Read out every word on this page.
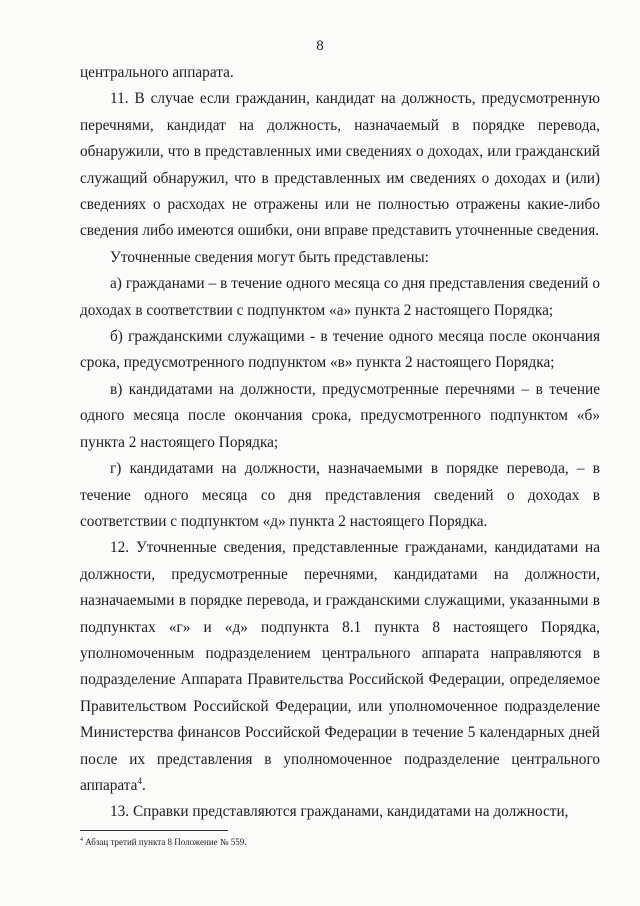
8

центрального аппарата.

11. В случае если гражданин, кандидат на должность, предусмотренную перечнями, кандидат на должность, назначаемый в порядке перевода, обнаружили, что в представленных ими сведениях о доходах, или гражданский служащий обнаружил, что в представленных им сведениях о доходах и (или) сведениях о расходах не отражены или не полностью отражены какие-либо сведения либо имеются ошибки, они вправе представить уточненные сведения.

Уточненные сведения могут быть представлены:

а) гражданами – в течение одного месяца со дня представления сведений о доходах в соответствии с подпунктом «а» пункта 2 настоящего Порядка;

б) гражданскими служащими - в течение одного месяца после окончания срока, предусмотренного подпунктом «в» пункта 2 настоящего Порядка;

в) кандидатами на должности, предусмотренные перечнями – в течение одного месяца после окончания срока, предусмотренного подпунктом «б» пункта 2 настоящего Порядка;

г) кандидатами на должности, назначаемыми в порядке перевода, – в течение одного месяца со дня представления сведений о доходах в соответствии с подпунктом «д» пункта 2 настоящего Порядка.

12. Уточненные сведения, представленные гражданами, кандидатами на должности, предусмотренные перечнями, кандидатами на должности, назначаемыми в порядке перевода, и гражданскими служащими, указанными в подпунктах «г» и «д» подпункта 8.1 пункта 8 настоящего Порядка, уполномоченным подразделением центрального аппарата направляются в подразделение Аппарата Правительства Российской Федерации, определяемое Правительством Российской Федерации, или уполномоченное подразделение Министерства финансов Российской Федерации в течение 5 календарных дней после их представления в уполномоченное подразделение центрального аппарата$^4$.

13. Справки представляются гражданами, кандидатами на должности,

$^4$ Абзац третий пункта 8 Положение № 559.
